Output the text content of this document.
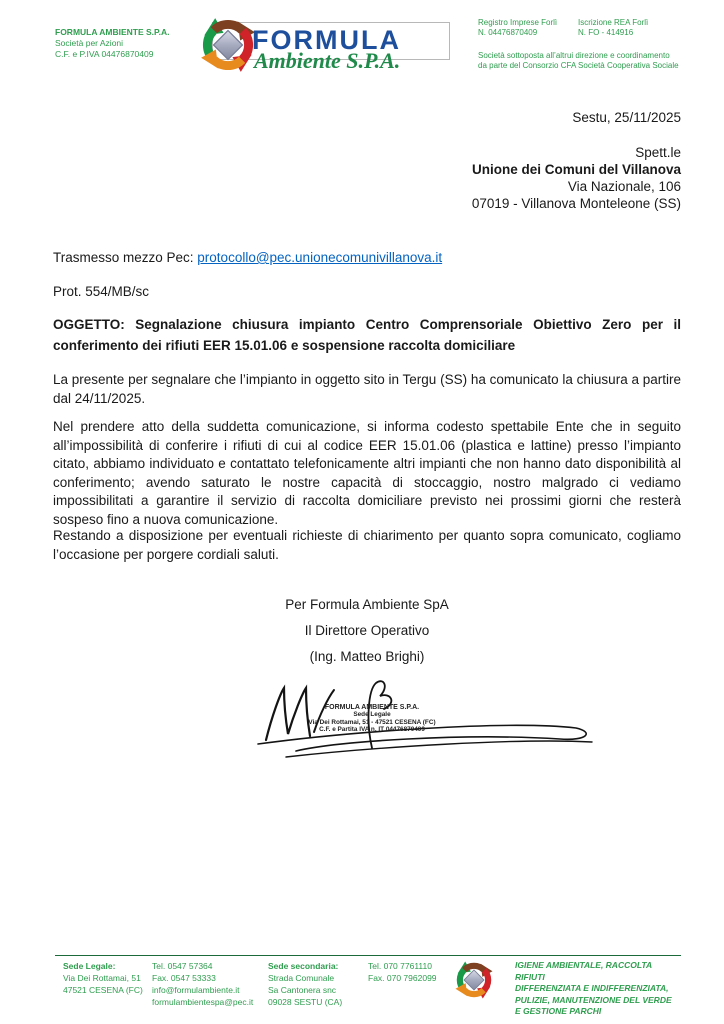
FORMULA AMBIENTE S.P.A.
Società per Azioni
C.F. e P.IVA 04476870409	FORMULA
Ambiente S.P.A.
Registro Imprese Forlì
N. 04476870409
Iscrizione REA Forlì
N. FO - 414916
Società sottoposta all’altrui direzione e coordinamento
da parte del Consorzio CFA Società Cooperativa Sociale
Sestu, 25/11/2025
Spett.le
Unione dei Comuni del Villanova
Via Nazionale, 106
07019 - Villanova Monteleone (SS)
Trasmesso mezzo Pec: protocollo@pec.unionecomunivillanova.it
Prot. 554/MB/sc
OGGETTO: Segnalazione chiusura impianto Centro Comprensoriale Obiettivo Zero per il conferimento dei rifiuti EER 15.01.06 e sospensione raccolta domiciliare
La presente per segnalare che l’impianto in oggetto sito in Tergu (SS) ha comunicato la chiusura a partire dal 24/11/2025.
Nel prendere atto della suddetta comunicazione, si informa codesto spettabile Ente che in seguito all’impossibilità di conferire i rifiuti di cui al codice EER 15.01.06 (plastica e lattine) presso l’impianto citato, abbiamo individuato e contattato telefonicamente altri impianti che non hanno dato disponibilità al conferimento; avendo saturato le nostre capacità di stoccaggio, nostro malgrado ci vediamo impossibilitati a garantire il servizio di raccolta domiciliare previsto nei prossimi giorni che resterà sospeso fino a nuova comunicazione.
Restando a disposizione per eventuali richieste di chiarimento per quanto sopra comunicato, cogliamo l’occasione per porgere cordiali saluti.
Per Formula Ambiente SpA
Il Direttore Operativo
(Ing. Matteo Brighi)
FORMULA AMBIENTE S.P.A.
Sede Legale
Via Dei Rottamai, 51 - 47521 CESENA (FC)
C.F. e Partita IVA n. IT 04476870409
Sede Legale:
Via Dei Rottamai, 51
47521 CESENA (FC)
Tel. 0547 57364
Fax. 0547 53333
info@formulambiente.it
formulambientespa@pec.it
Sede secondaria:
Strada Comunale
Sa Cantonera snc
09028 SESTU (CA)
Tel. 070 7761110
Fax. 070 7962099
IGIENE AMBIENTALE, RACCOLTA RIFIUTI
DIFFERENZIATA E INDIFFERENZIATA,
PULIZIE, MANUTENZIONE DEL VERDE
E GESTIONE PARCHI
